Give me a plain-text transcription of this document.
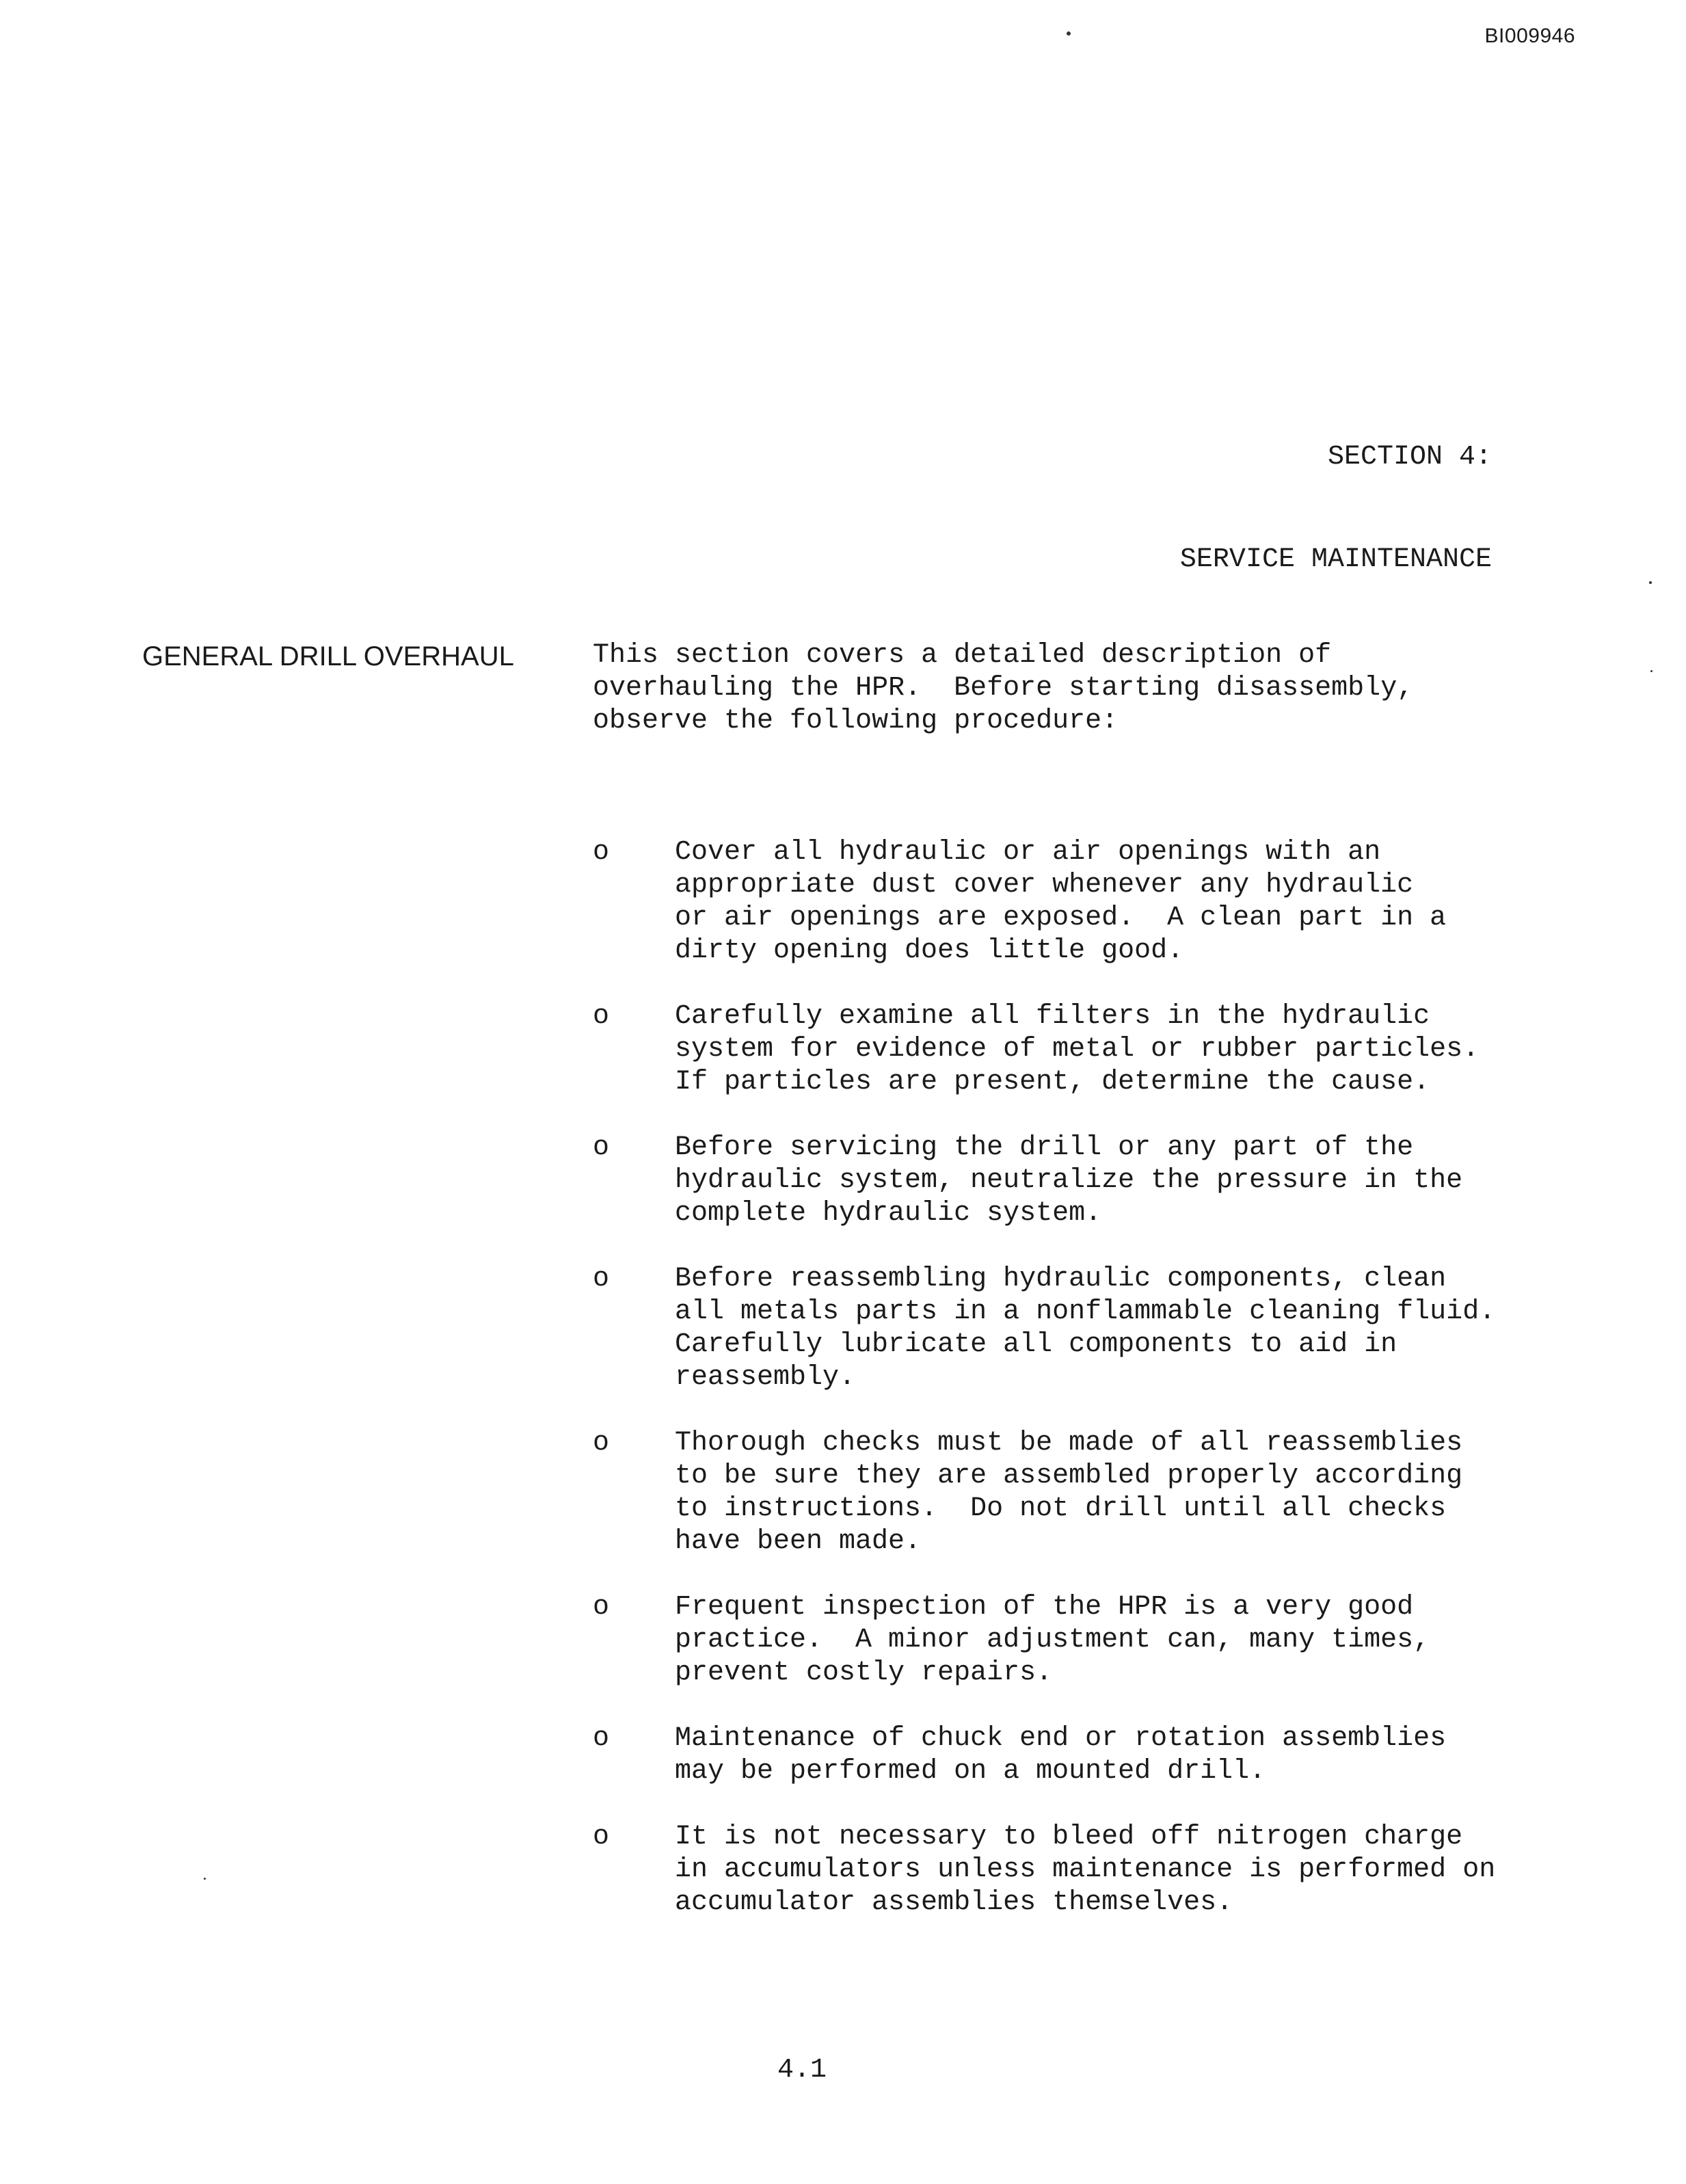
BI009946

SECTION 4:

SERVICE MAINTENANCE

GENERAL DRILL OVERHAUL	This section covers a detailed description of
overhauling the HPR.  Before starting disassembly,
observe the following procedure:
o Cover all hydraulic or air openings with an
appropriate dust cover whenever any hydraulic
or air openings are exposed.  A clean part in a
dirty opening does little good.
o Carefully examine all filters in the hydraulic
system for evidence of metal or rubber particles.
If particles are present, determine the cause.
o Before servicing the drill or any part of the
hydraulic system, neutralize the pressure in the
complete hydraulic system.
o Before reassembling hydraulic components, clean
all metals parts in a nonflammable cleaning fluid.
Carefully lubricate all components to aid in
reassembly.
o Thorough checks must be made of all reassemblies
to be sure they are assembled properly according
to instructions.  Do not drill until all checks
have been made.
o Frequent inspection of the HPR is a very good
practice.  A minor adjustment can, many times,
prevent costly repairs.
o Maintenance of chuck end or rotation assemblies
may be performed on a mounted drill.
o It is not necessary to bleed off nitrogen charge
in accumulators unless maintenance is performed on
accumulator assemblies themselves.
4.1
